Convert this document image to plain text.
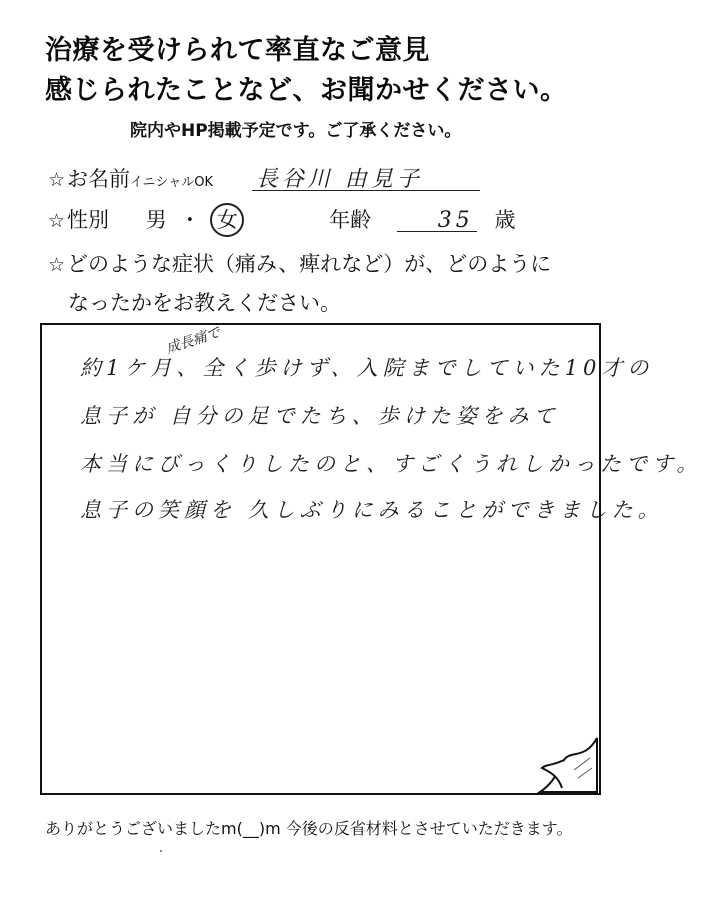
治療を受けられて率直なご意見
感じられたことなど、お聞かせください。
院内やHP掲載予定です。ご了承ください。
☆お名前イニシャルOK 長谷川 由見子
☆性別 男 ・ 女	年齢	35 歳
☆どのような症状（痛み、痺れなど）が、どのように
なったかをお教えください。
成長痛で
約1ケ月、全く歩けず、入院までしていた10才の
息子が 自分の足でたち、歩けた姿をみて
本当にびっくりしたのと、すごくうれしかったです。
息子の笑顔を 久しぶりにみることができました。
ありがとうございましたm(__)m 今後の反省材料とさせていただきます。
